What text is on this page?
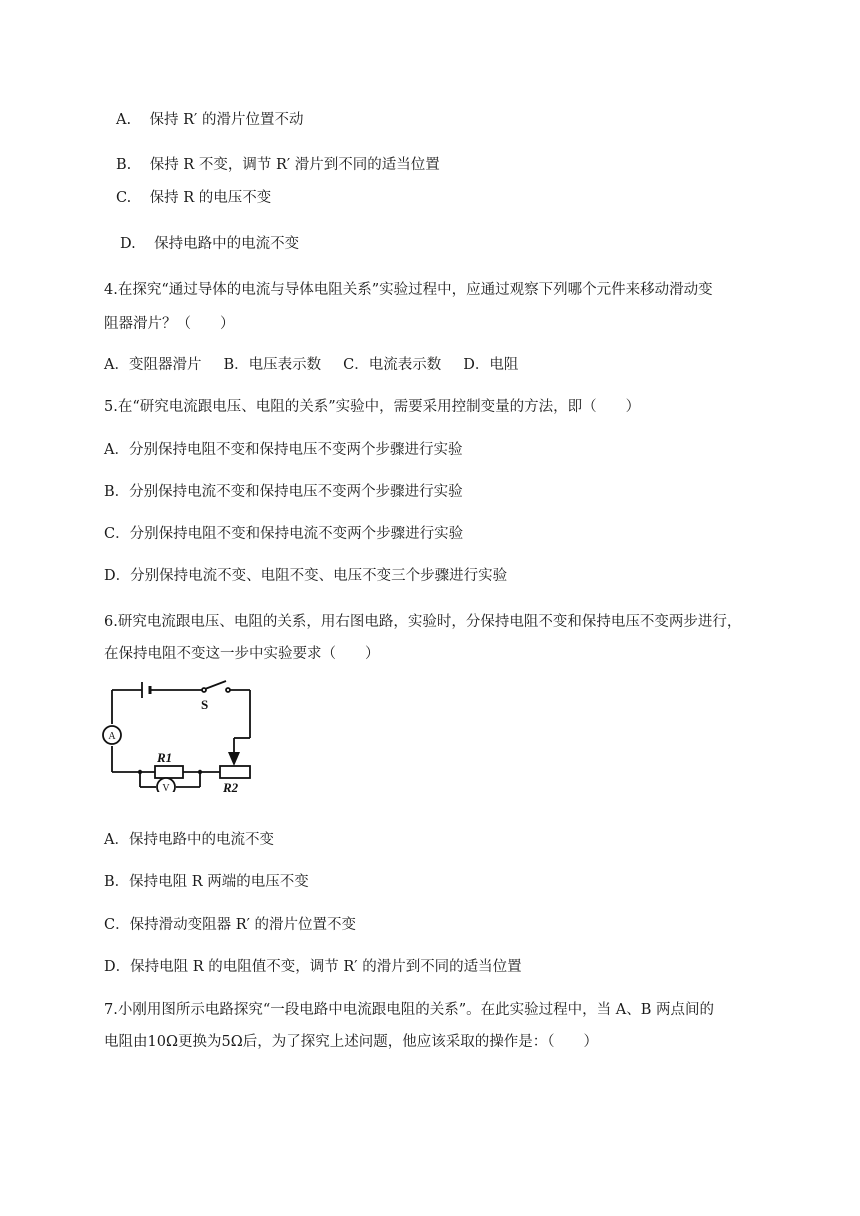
A. 保持 R′ 的滑片位置不动
B. 保持 R 不变，调节 R′ 滑片到不同的适当位置
C. 保持 R 的电压不变
D. 保持电路中的电流不变
4.在探究“通过导体的电流与导体电阻关系”实验过程中，应通过观察下列哪个元件来移动滑动变
阻器滑片？（　　）
A．变阻器滑片 B．电压表示数 C．电流表示数 D．电阻
5.在“研究电流跟电压、电阻的关系”实验中，需要采用控制变量的方法，即（　　）
A．分别保持电阻不变和保持电压不变两个步骤进行实验
B．分别保持电流不变和保持电压不变两个步骤进行实验
C．分别保持电阻不变和保持电流不变两个步骤进行实验
D．分别保持电流不变、电阻不变、电压不变三个步骤进行实验
6.研究电流跟电压、电阻的关系，用右图电路，实验时，分保持电阻不变和保持电压不变两步进行，
在保持电阻不变这一步中实验要求（　　）
S
A
V
R1
R2
A．保持电路中的电流不变
B．保持电阻 R 两端的电压不变
C．保持滑动变阻器 R′ 的滑片位置不变
D．保持电阻 R 的电阻值不变，调节 R′ 的滑片到不同的适当位置
7.小刚用图所示电路探究“一段电路中电流跟电阻的关系”。在此实验过程中，当 A、B 两点间的
电阻由10Ω更换为5Ω后，为了探究上述问题，他应该采取的操作是：（　　）
